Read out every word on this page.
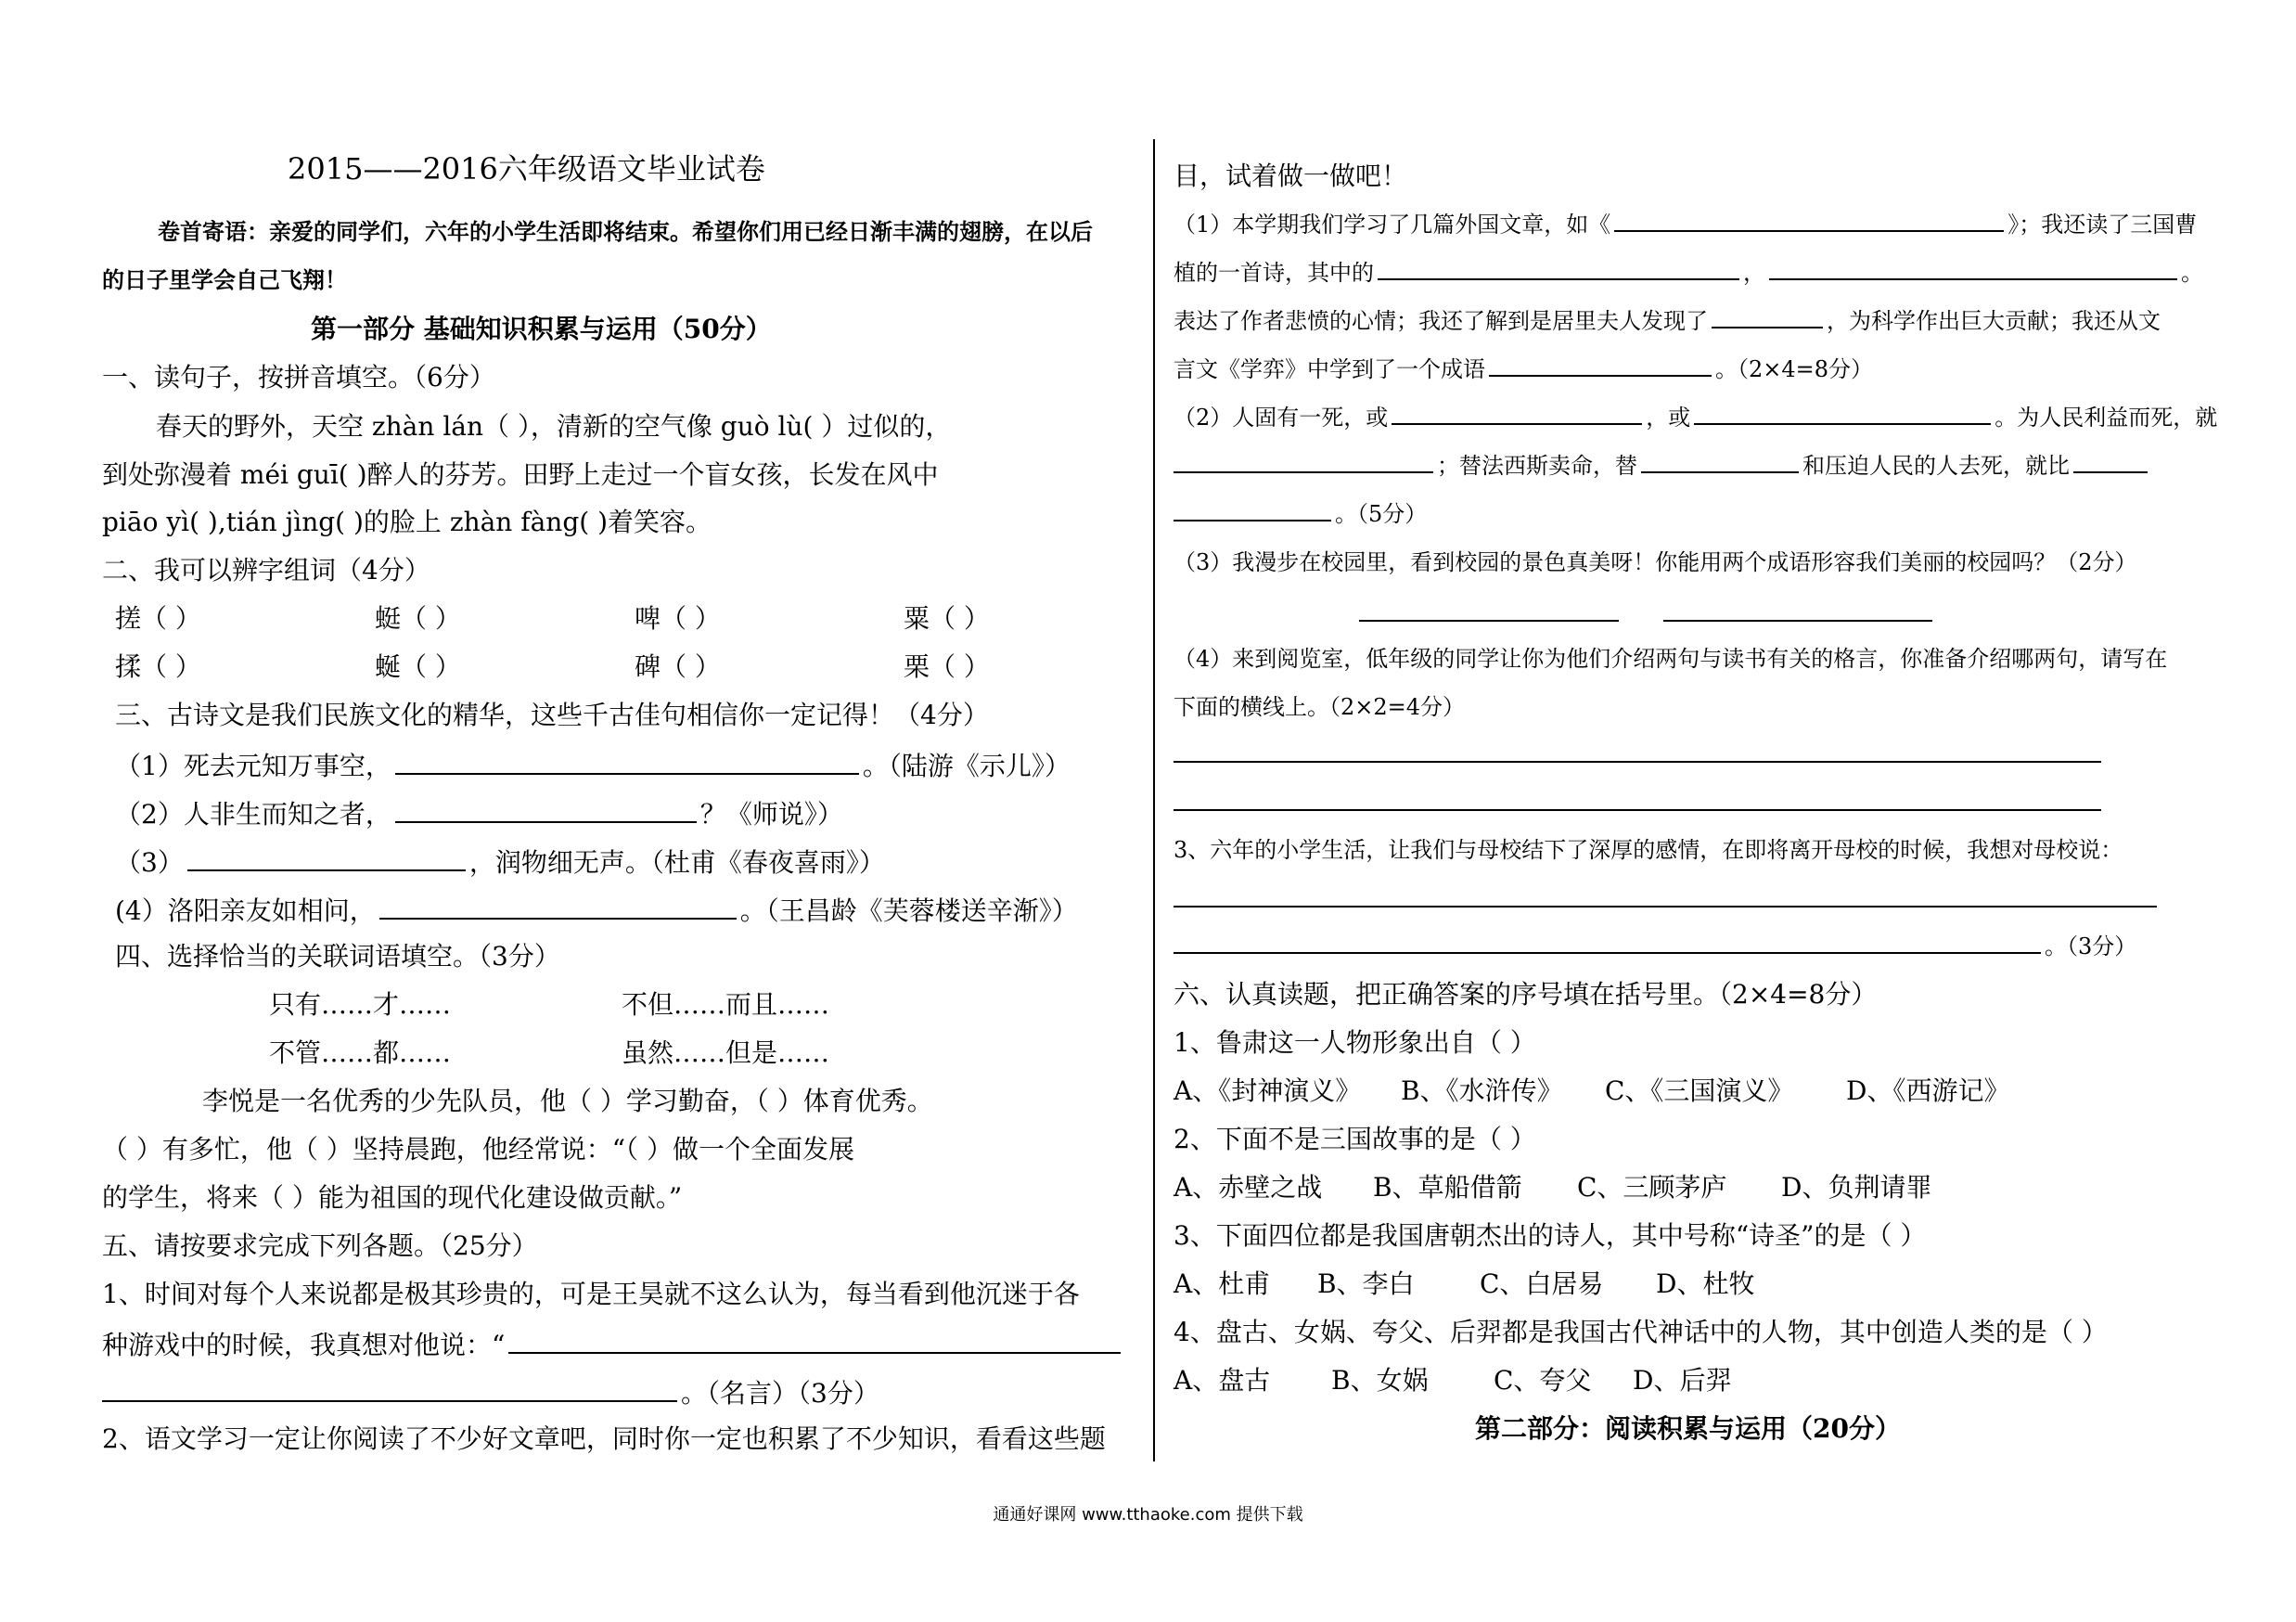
2015——2016六年级语文毕业试卷
卷首寄语：亲爱的同学们，六年的小学生活即将结束。希望你们用已经日渐丰满的翅膀，在以后
的日子里学会自己飞翔！
第一部分 基础知识积累与运用（50分）
一、读句子，按拼音填空。（6分）
春天的野外，天空 zhàn lán（ ），清新的空气像 guò lù( ）过似的，
到处弥漫着 méi guī( )醉人的芬芳。田野上走过一个盲女孩，长发在风中
piāo yì( ),tián jìng( )的脸上 zhàn fàng( )着笑容。
二、我可以辨字组词（4分）
搓（ ）	蜓（ ）	啤（ ）	粟（ ）
揉（ ）	蜒（ ）	碑（ ）	栗（ ）
三、古诗文是我们民族文化的精华，这些千古佳句相信你一定记得！（4分）
（1）死去元知万事空，	。（陆游《示儿》）
（2）人非生而知之者，	？《师说》）
（3）	，润物细无声。（杜甫《春夜喜雨》）
(4）洛阳亲友如相问，	。（王昌龄《芙蓉楼送辛渐》）
四、选择恰当的关联词语填空。（3分）
只有……才……	不但……而且……
不管……都……	虽然……但是……
李悦是一名优秀的少先队员，他（ ）学习勤奋，（ ）体育优秀。
（ ）有多忙，他（ ）坚持晨跑，他经常说：“（ ）做一个全面发展
的学生，将来（ ）能为祖国的现代化建设做贡献。”
五、请按要求完成下列各题。（25分）
1、时间对每个人来说都是极其珍贵的，可是王昊就不这么认为，每当看到他沉迷于各
种游戏中的时候，我真想对他说：“
。（名言）（3分）
2、语文学习一定让你阅读了不少好文章吧，同时你一定也积累了不少知识，看看这些题
目，试着做一做吧！
（1）本学期我们学习了几篇外国文章，如《	》；我还读了三国曹
植的一首诗，其中的	，	。
表达了作者悲愤的心情；我还了解到是居里夫人发现了	，为科学作出巨大贡献；我还从文
言文《学弈》中学到了一个成语	。（2×4=8分）
（2）人固有一死，或	，或	。为人民利益而死，就
；替法西斯卖命，替	和压迫人民的人去死，就比
。（5分）
（3）我漫步在校园里，看到校园的景色真美呀！你能用两个成语形容我们美丽的校园吗？（2分）
（4）来到阅览室，低年级的同学让你为他们介绍两句与读书有关的格言，你准备介绍哪两句，请写在
下面的横线上。（2×2=4分）
3、六年的小学生活，让我们与母校结下了深厚的感情，在即将离开母校的时候，我想对母校说：
。（3分）
六、认真读题，把正确答案的序号填在括号里。（2×4=8分）
1、鲁肃这一人物形象出自（ ）
A、《封神演义》 B、《水浒传》 C、《三国演义》 D、《西游记》
2、下面不是三国故事的是（ ）
A、赤壁之战 B、草船借箭 C、三顾茅庐 D、负荆请罪
3、下面四位都是我国唐朝杰出的诗人，其中号称“诗圣”的是（ ）
A、杜甫 B、李白	C、白居易 D、杜牧
4、盘古、女娲、夸父、后羿都是我国古代神话中的人物，其中创造人类的是（ ）
A、盘古 B、女娲	C、夸父 D、后羿
第二部分：阅读积累与运用（20分）
通通好课网 www.tthaoke.com 提供下载
